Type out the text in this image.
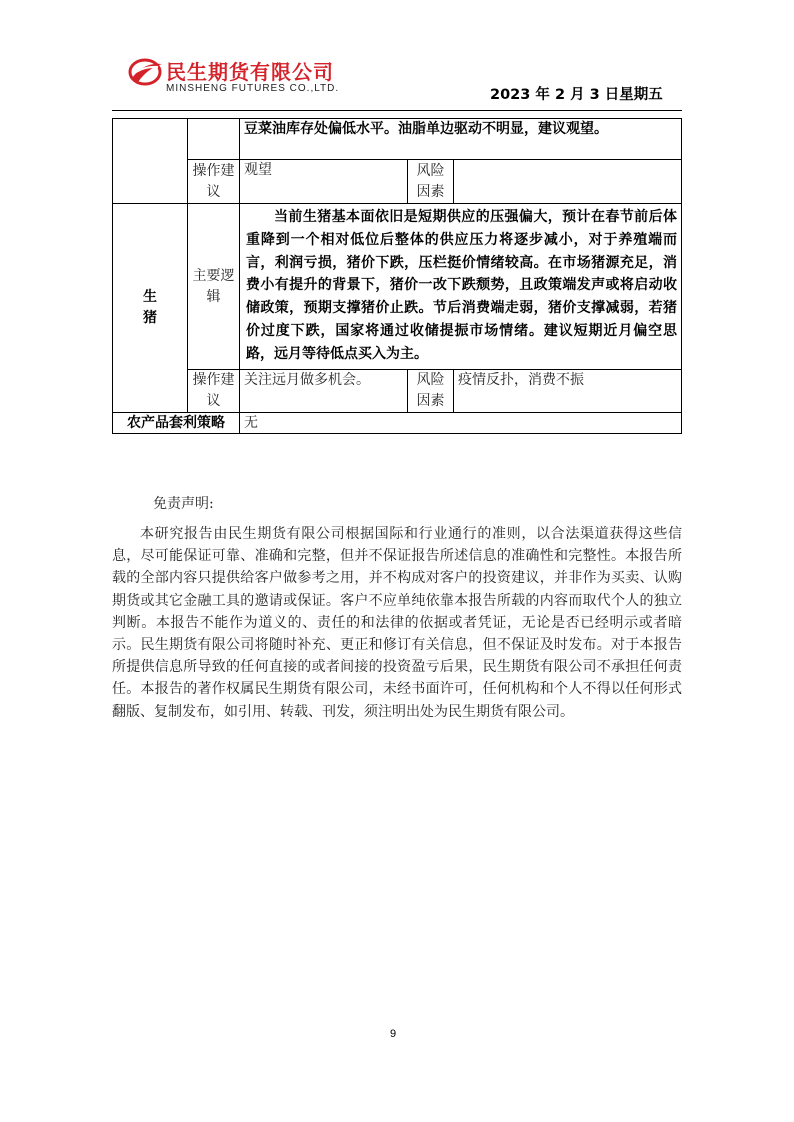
民生期货有限公司
MINSHENG FUTURES CO.,LTD.	2023 年 2 月 3 日星期五
		豆菜油库存处偏低水平。油脂单边驱动不明显，建议观望。		
	操作建议	观望	风险因素	
生猪	主要逻辑	当前生猪基本面依旧是短期供应的压强偏大，预计在春节前后体重降到一个相对低位后整体的供应压力将逐步减小，对于养殖端而言，利润亏损，猪价下跌，压栏挺价情绪较高。在市场猪源充足，消费小有提升的背景下，猪价一改下跌颓势，且政策端发声或将启动收储政策，预期支撑猪价止跌。节后消费端走弱，猪价支撑减弱，若猪价过度下跌，国家将通过收储提振市场情绪。建议短期近月偏空思路，远月等待低点买入为主。		
	操作建议	关注远月做多机会。	风险因素	疫情反扑，消费不振
农产品套利策略		无		
免责声明:
本研究报告由民生期货有限公司根据国际和行业通行的准则，以合法渠道获得这些信息，尽可能保证可靠、准确和完整，但并不保证报告所述信息的准确性和完整性。本报告所载的全部内容只提供给客户做参考之用，并不构成对客户的投资建议，并非作为买卖、认购期货或其它金融工具的邀请或保证。客户不应单纯依靠本报告所载的内容而取代个人的独立判断。本报告不能作为道义的、责任的和法律的依据或者凭证，无论是否已经明示或者暗示。民生期货有限公司将随时补充、更正和修订有关信息，但不保证及时发布。对于本报告所提供信息所导致的任何直接的或者间接的投资盈亏后果，民生期货有限公司不承担任何责任。本报告的著作权属民生期货有限公司，未经书面许可，任何机构和个人不得以任何形式翻版、复制发布，如引用、转载、刊发，须注明出处为民生期货有限公司。
9
